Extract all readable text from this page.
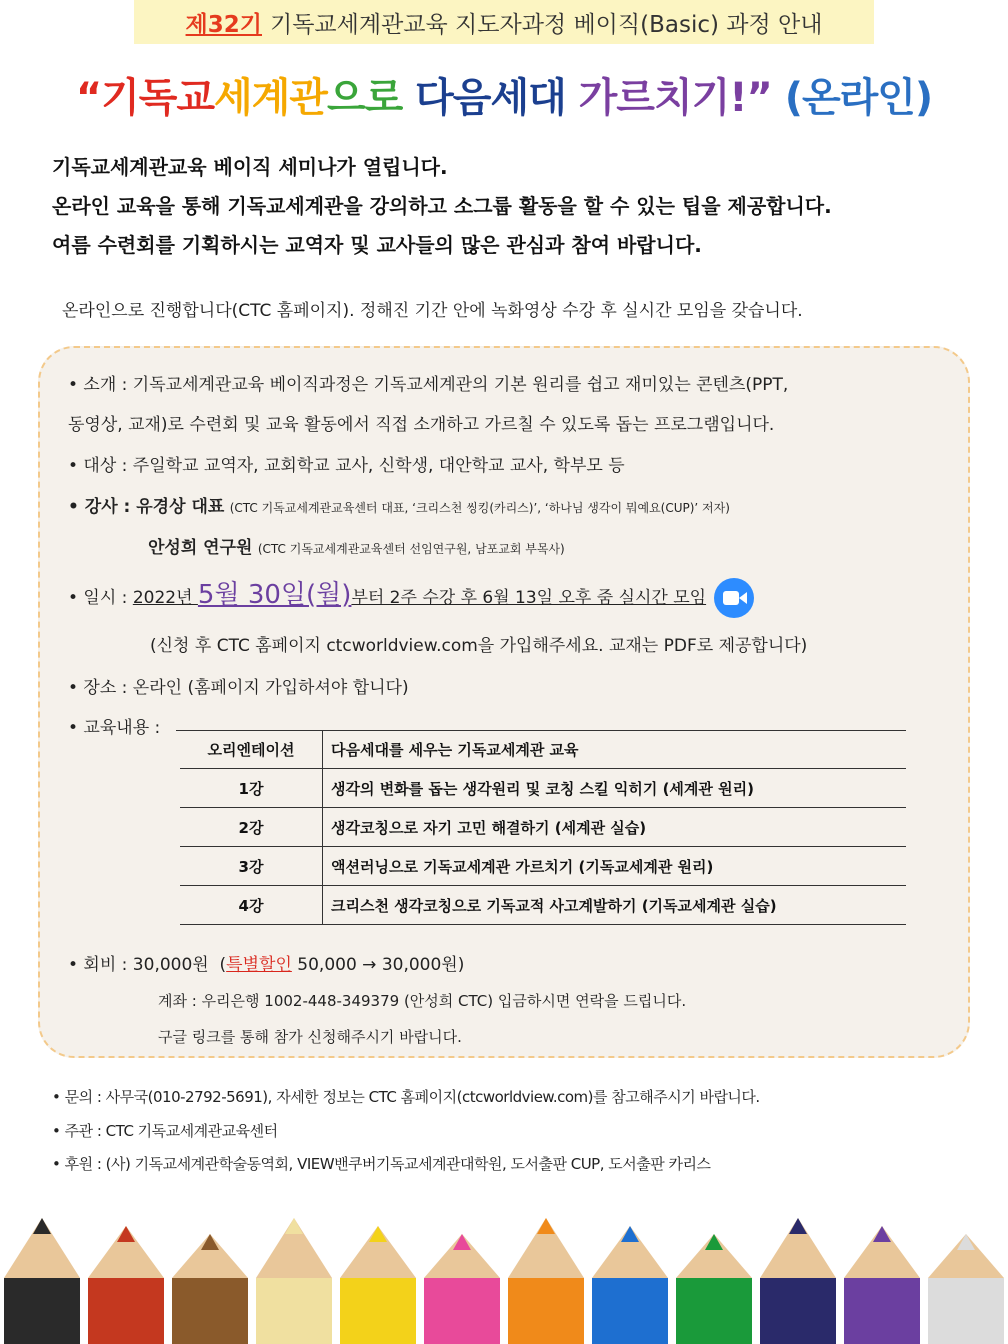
제32기 기독교세계관교육 지도자과정 베이직(Basic) 과정 안내
“기독교세계관으로 다음세대 가르치기!” (온라인)
기독교세계관교육 베이직 세미나가 열립니다.
온라인 교육을 통해 기독교세계관을 강의하고 소그룹 활동을 할 수 있는 팁을 제공합니다.
여름 수련회를 기획하시는 교역자 및 교사들의 많은 관심과 참여 바랍니다.
온라인으로 진행합니다(CTC 홈페이지). 정해진 기간 안에 녹화영상 수강 후 실시간 모임을 갖습니다.
• 소개 : 기독교세계관교육 베이직과정은 기독교세계관의 기본 원리를 쉽고 재미있는 콘텐츠(PPT,
동영상, 교재)로 수련회 및 교육 활동에서 직접 소개하고 가르칠 수 있도록 돕는 프로그램입니다.
• 대상 : 주일학교 교역자, 교회학교 교사, 신학생, 대안학교 교사, 학부모 등
• 강사 : 유경상 대표 (CTC 기독교세계관교육센터 대표, ‘크리스천 씽킹(카리스)’, ‘하나님 생각이 뭐예요(CUP)’ 저자)
안성희 연구원 (CTC 기독교세계관교육센터 선임연구원, 남포교회 부목사)
• 일시 : 2022년 5월 30일(월)부터 2주 수강 후 6월 13일 오후 줌 실시간 모임
(신청 후 CTC 홈페이지 ctcworldview.com을 가입해주세요. 교재는 PDF로 제공합니다)
• 장소 : 온라인 (홈페이지 가입하셔야 합니다)
• 교육내용 :
오리엔테이션	다음세대를 세우는 기독교세계관 교육
1강	생각의 변화를 돕는 생각원리 및 코칭 스킬 익히기 (세계관 원리)
2강	생각코칭으로 자기 고민 해결하기 (세계관 실습)
3강	액션러닝으로 기독교세계관 가르치기 (기독교세계관 원리)
4강	크리스천 생각코칭으로 기독교적 사고계발하기 (기독교세계관 실습)
• 회비 : 30,000원  (특별할인 50,000 → 30,000원)
계좌 : 우리은행 1002-448-349379 (안성희 CTC) 입금하시면 연락을 드립니다.
구글 링크를 통해 참가 신청해주시기 바랍니다.
• 문의 : 사무국(010-2792-5691), 자세한 정보는 CTC 홈페이지(ctcworldview.com)를 참고해주시기 바랍니다.
• 주관 : CTC 기독교세계관교육센터
• 후원 : (사) 기독교세계관학술동역회, VIEW밴쿠버기독교세계관대학원, 도서출판 CUP, 도서출판 카리스
